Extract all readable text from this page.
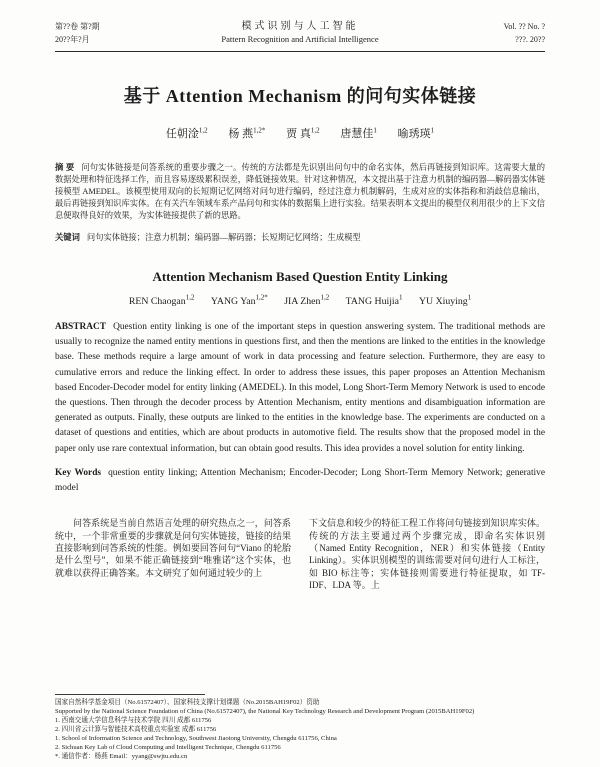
第??卷 第?期
20??年?月
模式识别与人工智能
Pattern Recognition and Artificial Intelligence
Vol. ?? No. ?
???. 20??
基于 Attention Mechanism 的问句实体链接
任朝淦$^{1,2}$ 杨 燕$^{1,2*}$ 贾 真$^{1,2}$ 唐慧佳$^1$ 喻琇瑛$^1$

摘 要 问句实体链接是问答系统的重要步骤之一。传统的方法都是先识别出问句中的命名实体，然后再链接到知识库。这需要大量的数据处理和特征选择工作，而且容易逐级累积误差，降低链接效果。针对这种情况，本文提出基于注意力机制的编码器—解码器实体链接模型 AMEDEL。该模型使用双向的长短期记忆网络对问句进行编码，经过注意力机制解码，生成对应的实体指称和消歧信息输出，最后再链接到知识库实体。在有关汽车领域车系产品问句和实体的数据集上进行实验。结果表明本文提出的模型仅利用很少的上下文信息便取得良好的效果，为实体链接提供了新的思路。

关键词 问句实体链接；注意力机制；编码器—解码器；长短期记忆网络；生成模型

Attention Mechanism Based Question Entity Linking
REN Chaogan$^{1,2}$ YANG Yan$^{1,2*}$ JIA Zhen$^{1,2}$ TANG Huijia$^1$ YU Xiuying$^1$

ABSTRACT Question entity linking is one of the important steps in question answering system. The traditional methods are usually to recognize the named entity mentions in questions first, and then the mentions are linked to the entities in the knowledge base. These methods require a large amount of work in data processing and feature selection. Furthermore, they are easy to cumulative errors and reduce the linking effect. In order to address these issues, this paper proposes an Attention Mechanism based Encoder-Decoder model for entity linking (AMEDEL). In this model, Long Short-Term Memory Network is used to encode the questions. Then through the decoder process by Attention Mechanism, entity mentions and disambiguation information are generated as outputs. Finally, these outputs are linked to the entities in the knowledge base. The experiments are conducted on a dataset of questions and entities, which are about products in automotive field. The results show that the proposed model in the paper only use rare contextual information, but can obtain good results. This idea provides a novel solution for entity linking.

Key Words question entity linking; Attention Mechanism; Encoder-Decoder; Long Short-Term Memory Network; generative model

问答系统是当前自然语言处理的研究热点之一，问答系统中，一个非常重要的步骤就是问句实体链接，链接的结果直接影响到问答系统的性能。例如要回答问句“Viano 的轮胎是什么型号”，如果不能正确链接到“唯雅诺”这个实体，也就难以获得正确答案。本文研究了如何通过较少的上

下文信息和较少的特征工程工作将问句链接到知识库实体。传统的方法主要通过两个步骤完成，即命名实体识别（Named Entity Recognition，NER）和实体链接（Entity Linking）。实体识别模型的训练需要对问句进行人工标注，如 BIO 标注等；实体链接则需要进行特征提取，如 TF-IDF、LDA 等。上

国家自然科学基金项目（No.61572407）、国家科技支撑计划课题（No.2015BAH19F02）资助
Supported by the National Science Foundation of China (No.61572407), the National Key Technology Research and Development Program (2015BAH19F02)
1. 西南交通大学信息科学与技术学院 四川 成都 611756
2. 四川省云计算与智能技术高校重点实验室 成都 611756
1. School of Information Science and Technology, Southwest Jiaotong University, Chengdu 611756, China
2. Sichuan Key Lab of Cloud Computing and Intelligent Technique, Chengdu 611756
*. 通信作者：杨燕 Email：yyang@swjtu.edu.cn
